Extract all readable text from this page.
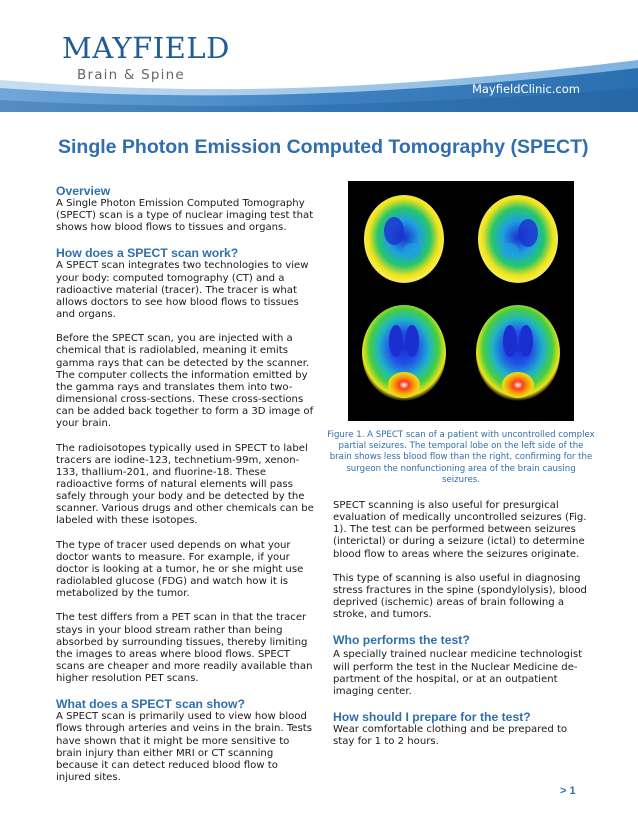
MAYFIELD
Brain & Spine
MayfieldClinic.com
Single Photon Emission Computed Tomography (SPECT)
Overview

A Single Photon Emission Computed Tomography (SPECT) scan is a type of nuclear imaging test that shows how blood flows to tissues and organs.

How does a SPECT scan work?

A SPECT scan integrates two technologies to view your body: computed tomography (CT) and a radioactive material (tracer). The tracer is what allows doctors to see how blood flows to tissues and organs.

Before the SPECT scan, you are injected with a chemical that is radiolabled, meaning it emits gamma rays that can be detected by the scanner. The computer collects the information emitted by the gamma rays and translates them into two-dimensional cross-sections. These cross-sections can be added back together to form a 3D image of your brain.

The radioisotopes typically used in SPECT to label tracers are iodine-123, technetium-99m, xenon-133, thallium-201, and fluorine-18. These radioactive forms of natural elements will pass safely through your body and be detected by the scanner. Various drugs and other chemicals can be labeled with these isotopes.

The type of tracer used depends on what your doctor wants to measure. For example, if your doctor is looking at a tumor, he or she might use radiolabled glucose (FDG) and watch how it is metabolized by the tumor.

The test differs from a PET scan in that the tracer stays in your blood stream rather than being absorbed by surrounding tissues, thereby limiting the images to areas where blood flows. SPECT scans are cheaper and more readily available than higher resolution PET scans.

What does a SPECT scan show?

A SPECT scan is primarily used to view how blood flows through arteries and veins in the brain. Tests have shown that it might be more sensitive to brain injury than either MRI or CT scanning because it can detect reduced blood flow to injured sites.

Figure 1. A SPECT scan of a patient with uncontrolled complex partial seizures. The temporal lobe on the left side of the brain shows less blood flow than the right, confirming for the surgeon the nonfunctioning area of the brain causing seizures.

SPECT scanning is also useful for presurgical evaluation of medically uncontrolled seizures (Fig. 1). The test can be performed between seizures (interictal) or during a seizure (ictal) to determine blood flow to areas where the seizures originate.

This type of scanning is also useful in diagnosing stress fractures in the spine (spondylolysis), blood deprived (ischemic) areas of brain following a stroke, and tumors.

Who performs the test?

A specially trained nuclear medicine technologist will perform the test in the Nuclear Medicine de-partment of the hospital, or at an outpatient imaging center.

How should I prepare for the test?

Wear comfortable clothing and be prepared to stay for 1 to 2 hours.

> 1
